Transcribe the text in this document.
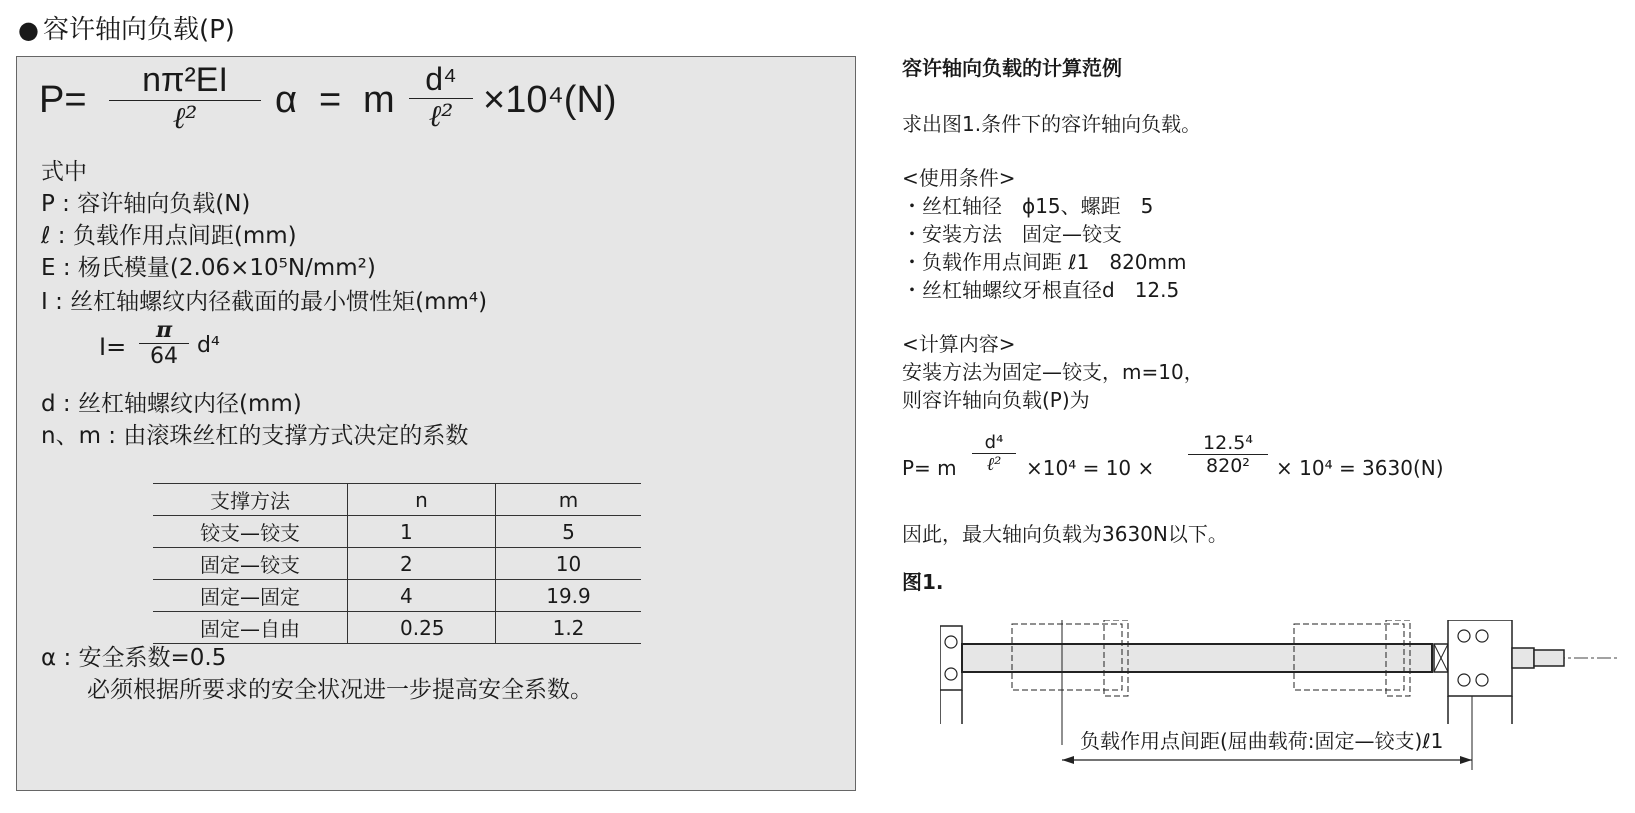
● 容许轴向负载(P)
P=	nπ²EI
ℓ²	α = m d⁴
ℓ² ×10⁴(N)
式中
P : 容许轴向负载(N)
ℓ : 负载作用点间距(mm)
E : 杨氏模量(2.06×10⁵N/mm²)
I : 丝杠轴螺纹内径截面的最小惯性矩(mm⁴)
I=
π
64 d⁴
d : 丝杠轴螺纹内径(mm)
n、m : 由滚珠丝杠的支撑方式决定的系数
支撑方法	n	m
铰支—铰支	1	5
固定—铰支	2	10
固定—固定	4	19.9
固定—自由	0.25	1.2
α : 安全系数=0.5
必须根据所要求的安全状况进一步提高安全系数。
容许轴向负载的计算范例
求出图1.条件下的容许轴向负载。
<使用条件>
・丝杠轴径　ϕ15、螺距　5
・安装方法　固定—铰支
・负载作用点间距 ℓ1　820mm
・丝杠轴螺纹牙根直径d　12.5
<计算内容>
安装方法为固定—铰支，m=10，
则容许轴向负载(P)为
P= m
d⁴
ℓ²	×10⁴ = 10 ×
12.5⁴
820²	× 10⁴ = 3630(N)
因此，最大轴向负载为3630N以下。
图1.
负载作用点间距(屈曲载荷:固定—铰支)ℓ1
